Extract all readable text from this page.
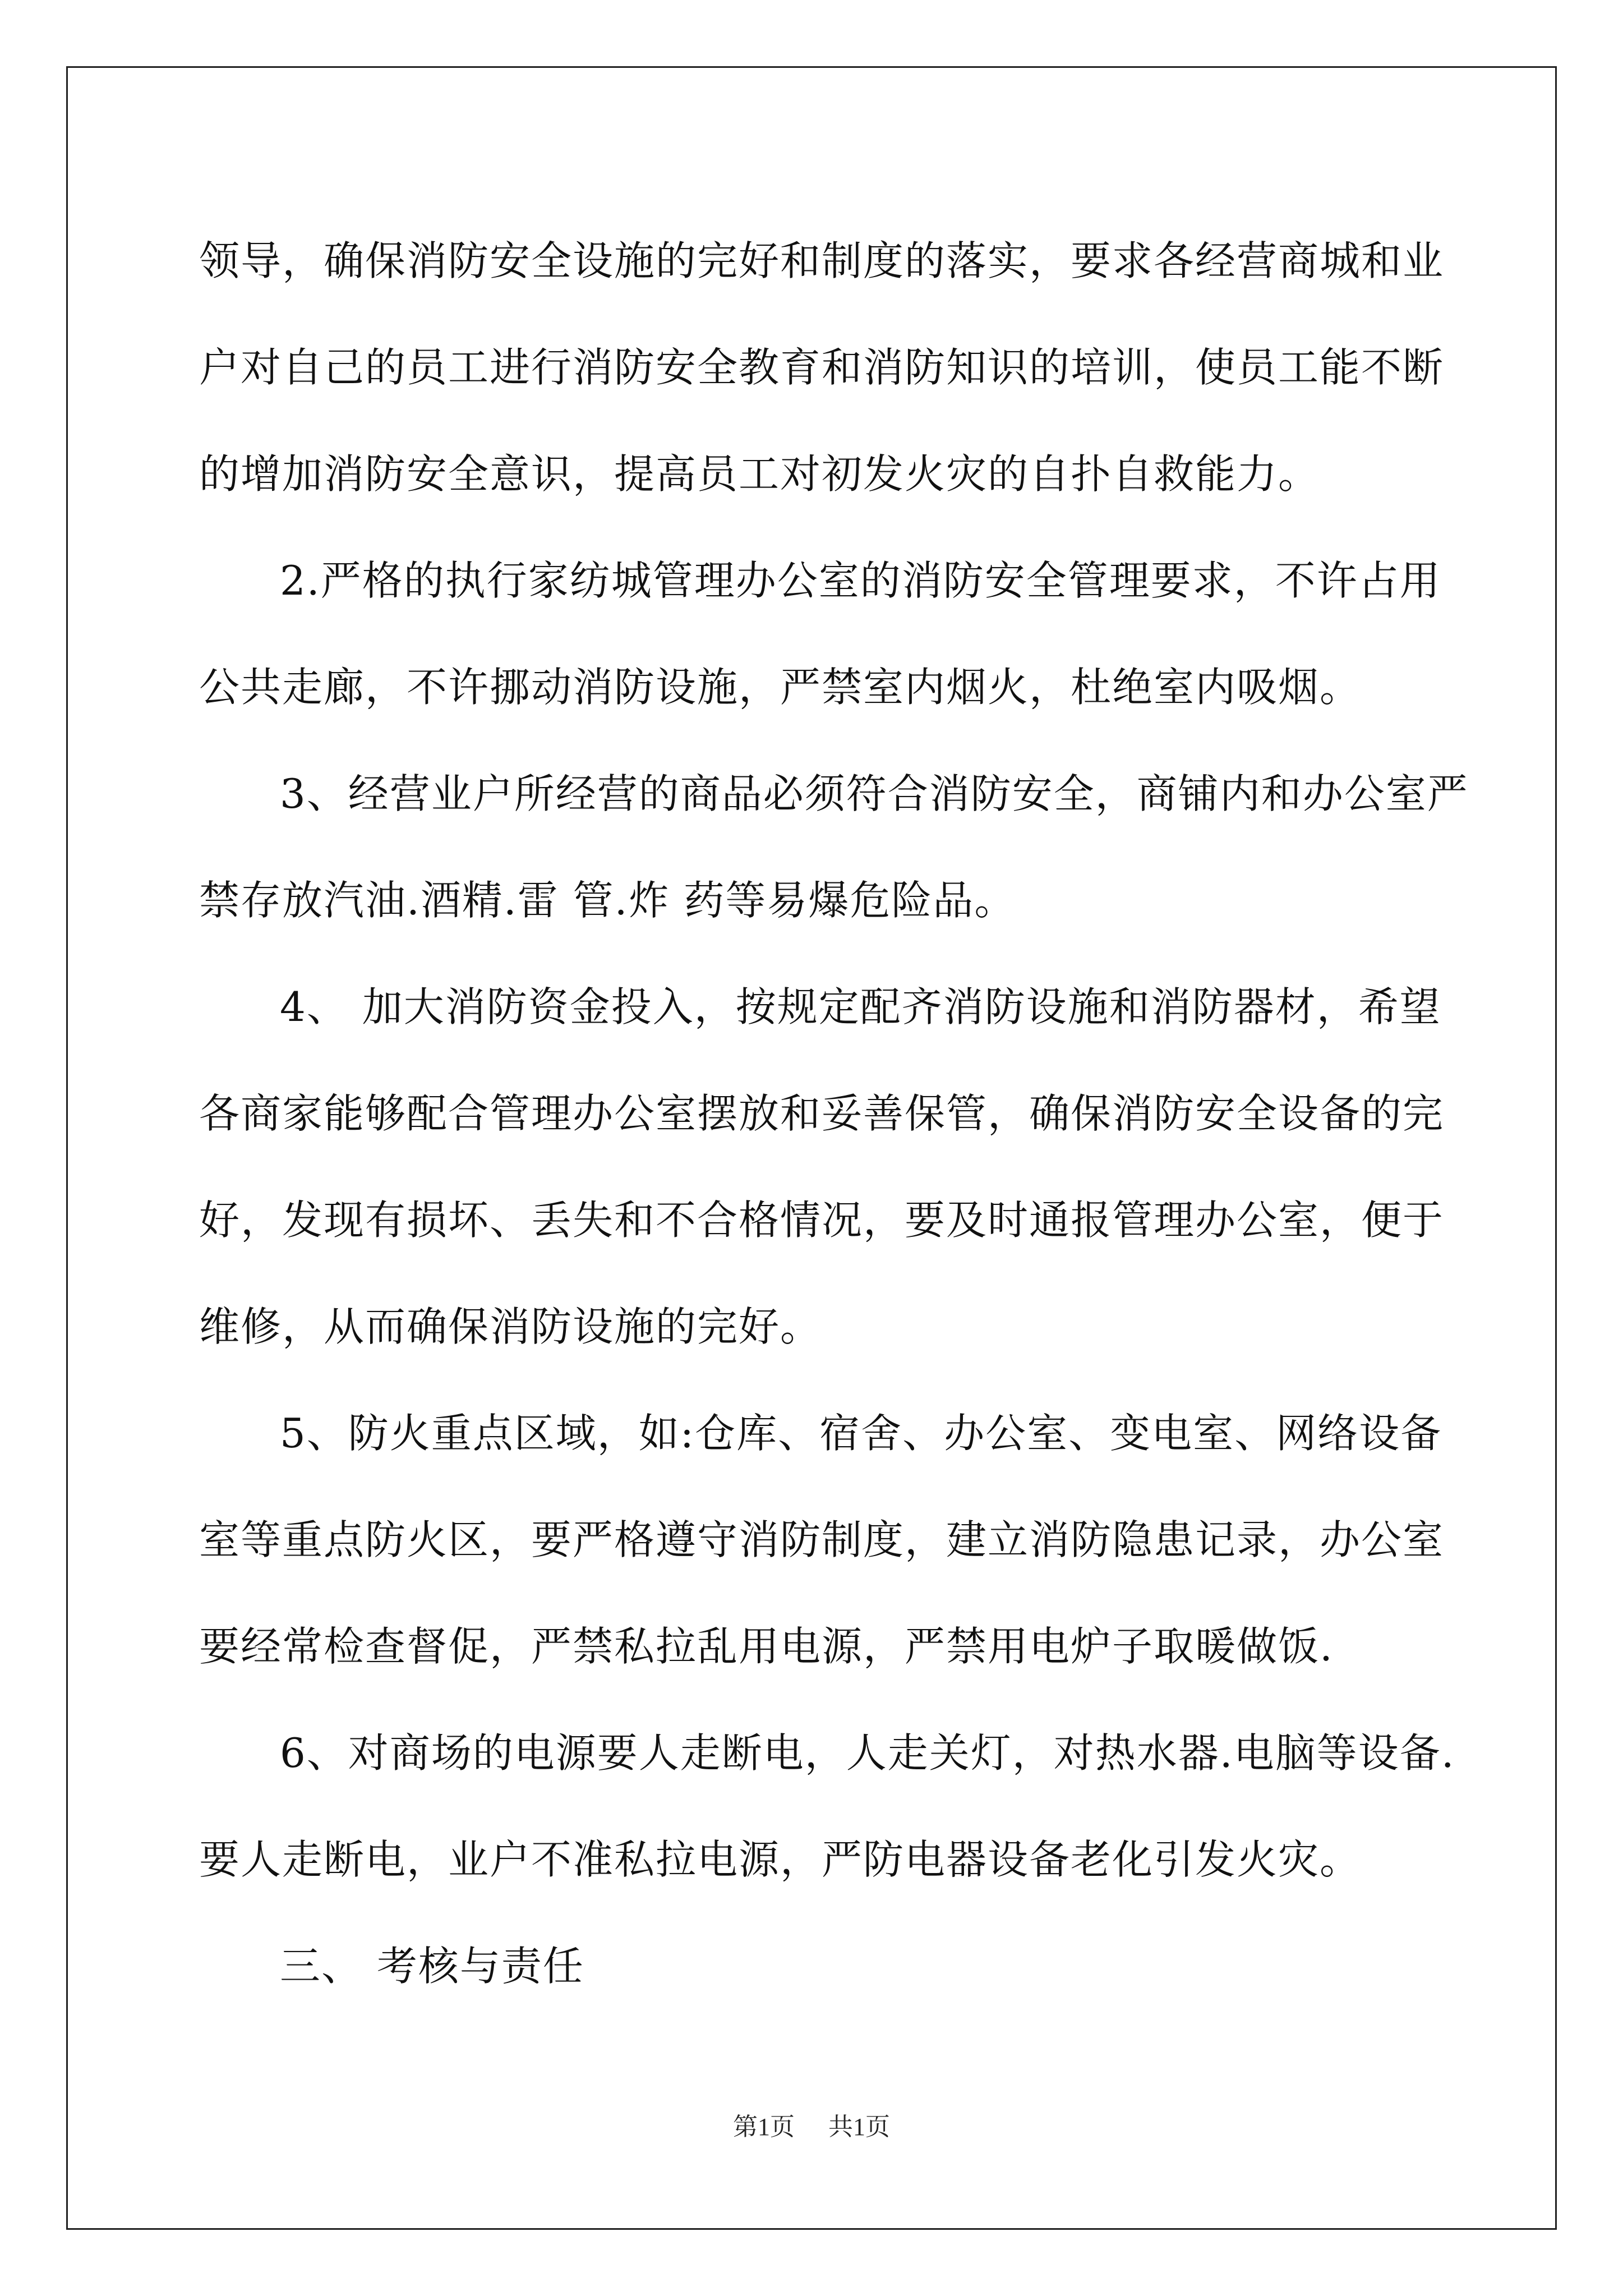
领导，确保消防安全设施的完好和制度的落实，要求各经营商城和业
户对自己的员工进行消防安全教育和消防知识的培训，使员工能不断
的增加消防安全意识，提高员工对初发火灾的自扑自救能力。
2.严格的执行家纺城管理办公室的消防安全管理要求，不许占用
公共走廊，不许挪动消防设施，严禁室内烟火，杜绝室内吸烟。
3、经营业户所经营的商品必须符合消防安全，商铺内和办公室严
禁存放汽油.酒精.雷 管.炸 药等易爆危险品。
4、 加大消防资金投入，按规定配齐消防设施和消防器材，希望
各商家能够配合管理办公室摆放和妥善保管，确保消防安全设备的完
好，发现有损坏、丢失和不合格情况，要及时通报管理办公室，便于
维修，从而确保消防设施的完好。
5、防火重点区域，如:仓库、宿舍、办公室、变电室、网络设备
室等重点防火区，要严格遵守消防制度，建立消防隐患记录，办公室
要经常检查督促，严禁私拉乱用电源，严禁用电炉子取暖做饭.
6、对商场的电源要人走断电，人走关灯，对热水器.电脑等设备.
要人走断电，业户不准私拉电源，严防电器设备老化引发火灾。
三、 考核与责任
第1页 共1页
